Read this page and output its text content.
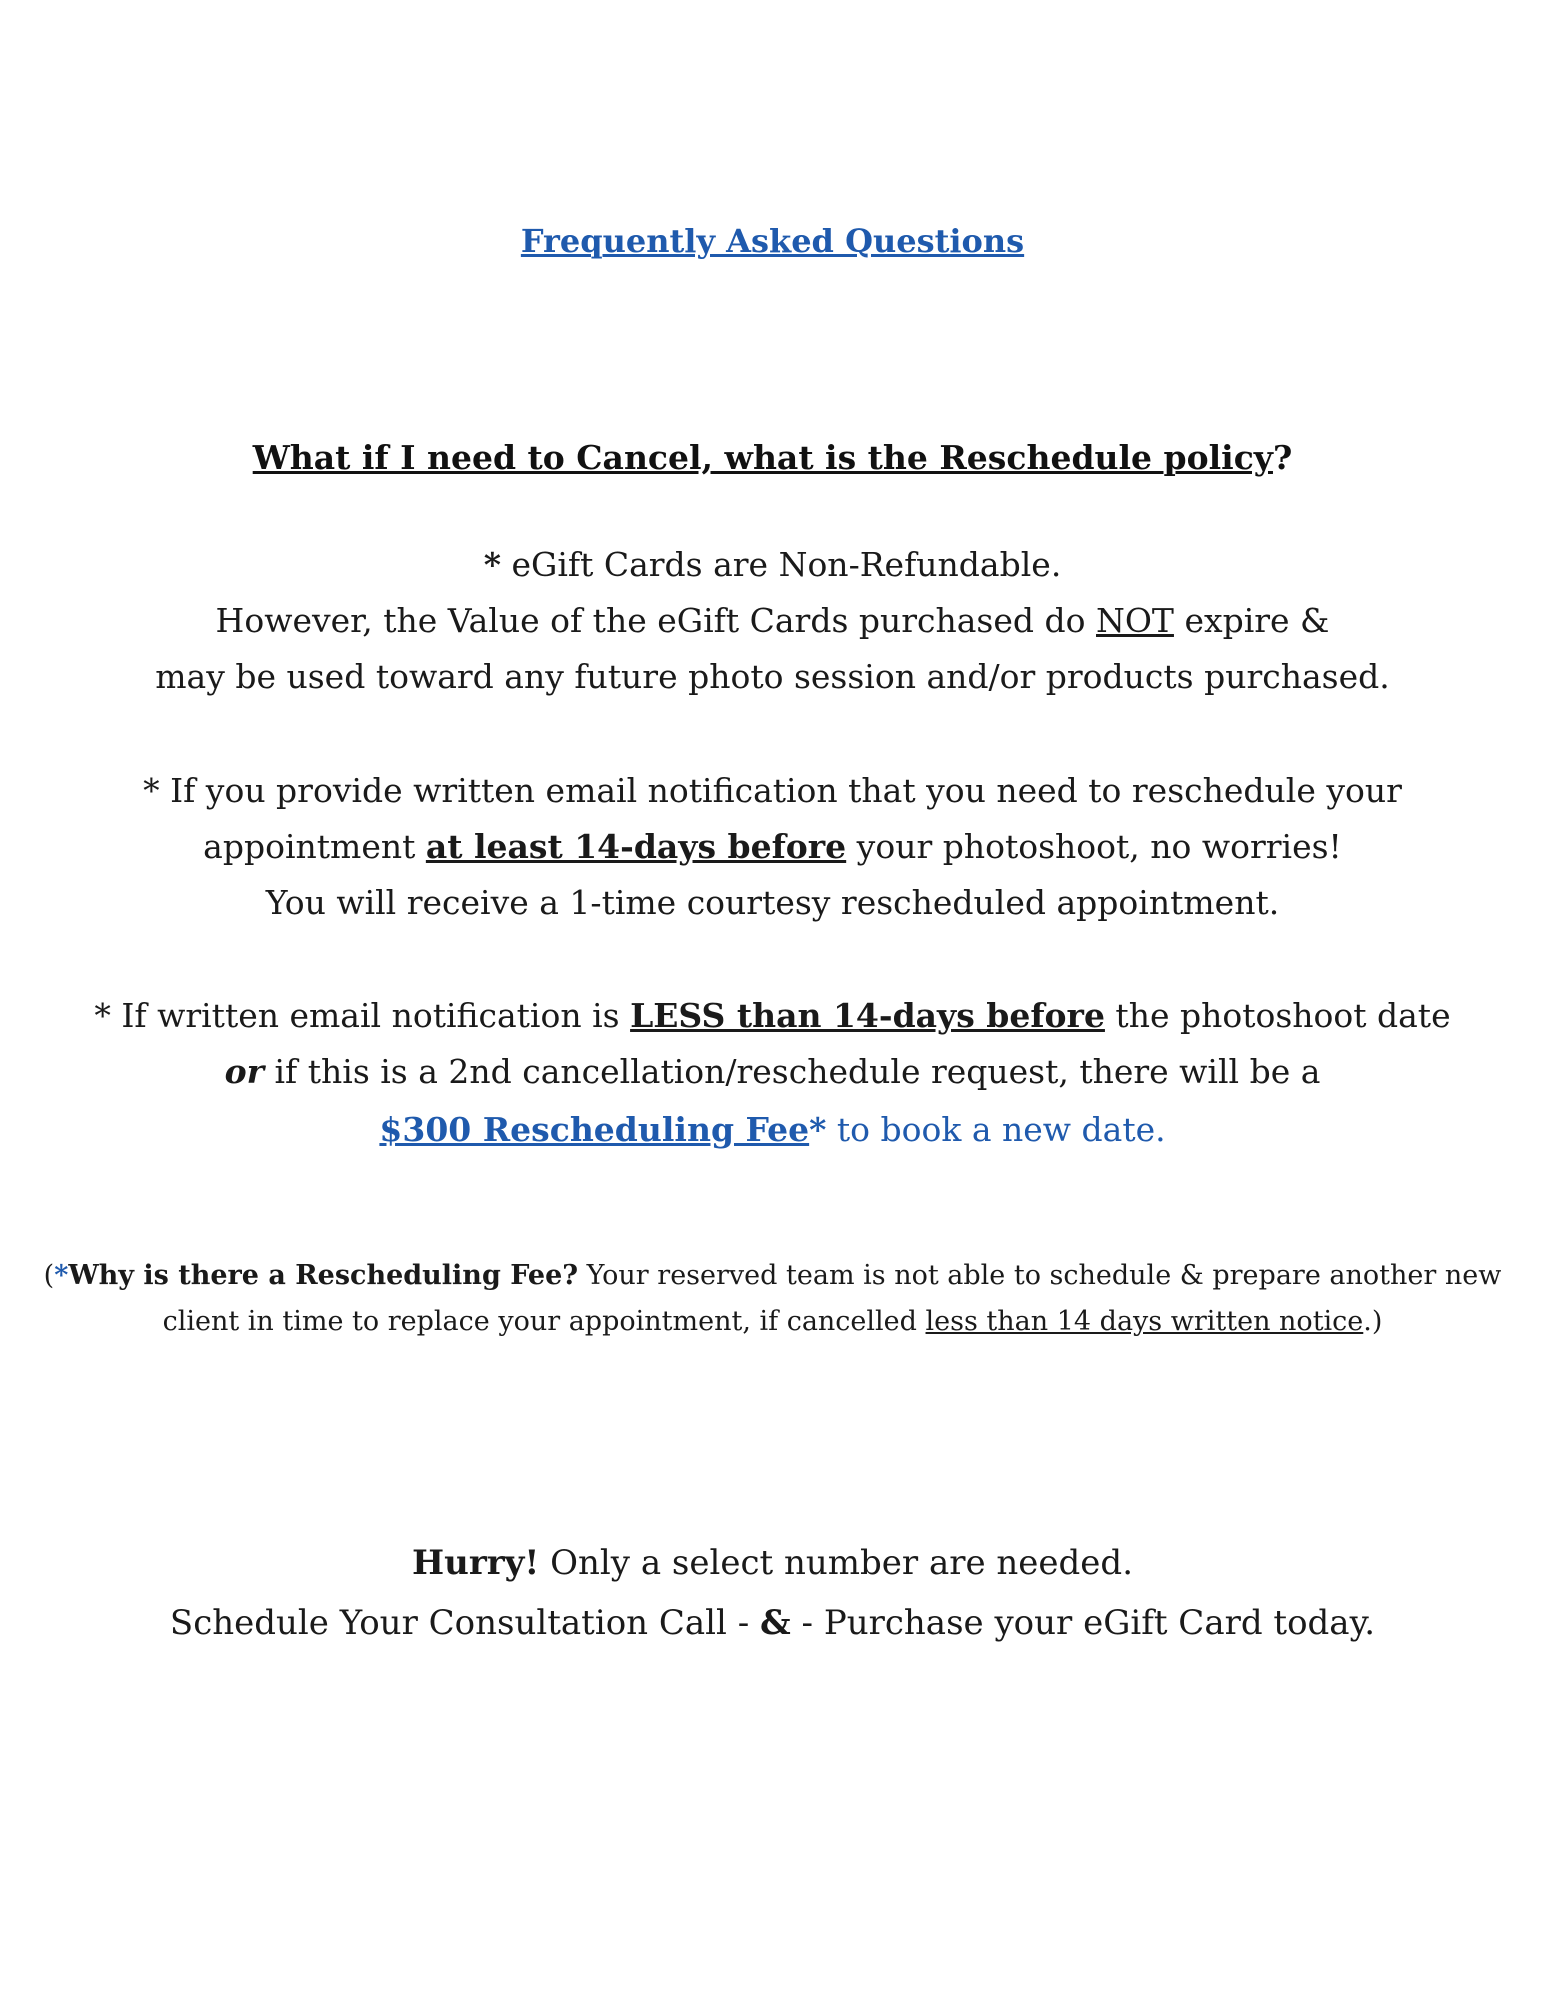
Frequently Asked Questions
What if I need to Cancel, what is the Reschedule policy?
* eGift Cards are Non-Refundable.
However, the Value of the eGift Cards purchased do NOT expire &
may be used toward any future photo session and/or products purchased.
* If you provide written email notification that you need to reschedule your
appointment at least 14-days before your photoshoot, no worries!
You will receive a 1-time courtesy rescheduled appointment.
* If written email notification is LESS than 14-days before the photoshoot date
or if this is a 2nd cancellation/reschedule request, there will be a
$300 Rescheduling Fee* to book a new date.
(*Why is there a Rescheduling Fee? Your reserved team is not able to schedule & prepare another new
client in time to replace your appointment, if cancelled less than 14 days written notice.)
Hurry! Only a select number are needed.
Schedule Your Consultation Call - & - Purchase your eGift Card today.
